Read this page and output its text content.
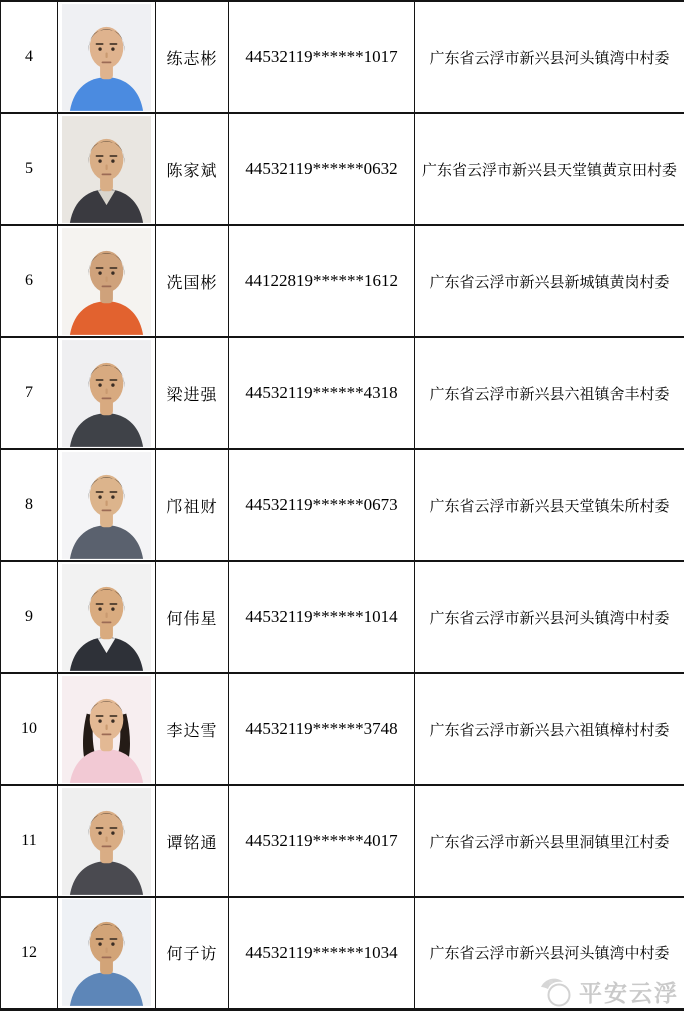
4		练志彬	44532119******1017	广东省云浮市新兴县河头镇湾中村委
5		陈家斌	44532119******0632	广东省云浮市新兴县天堂镇黄京田村委
6		冼国彬	44122819******1612	广东省云浮市新兴县新城镇黄岗村委
7		梁进强	44532119******4318	广东省云浮市新兴县六祖镇舍丰村委
8		邝祖财	44532119******0673	广东省云浮市新兴县天堂镇朱所村委
9		何伟星	44532119******1014	广东省云浮市新兴县河头镇湾中村委
10		李达雪	44532119******3748	广东省云浮市新兴县六祖镇樟村村委
11		谭铭通	44532119******4017	广东省云浮市新兴县里洞镇里江村委
12		何子访	44532119******1034	广东省云浮市新兴县河头镇湾中村委
平安云浮
